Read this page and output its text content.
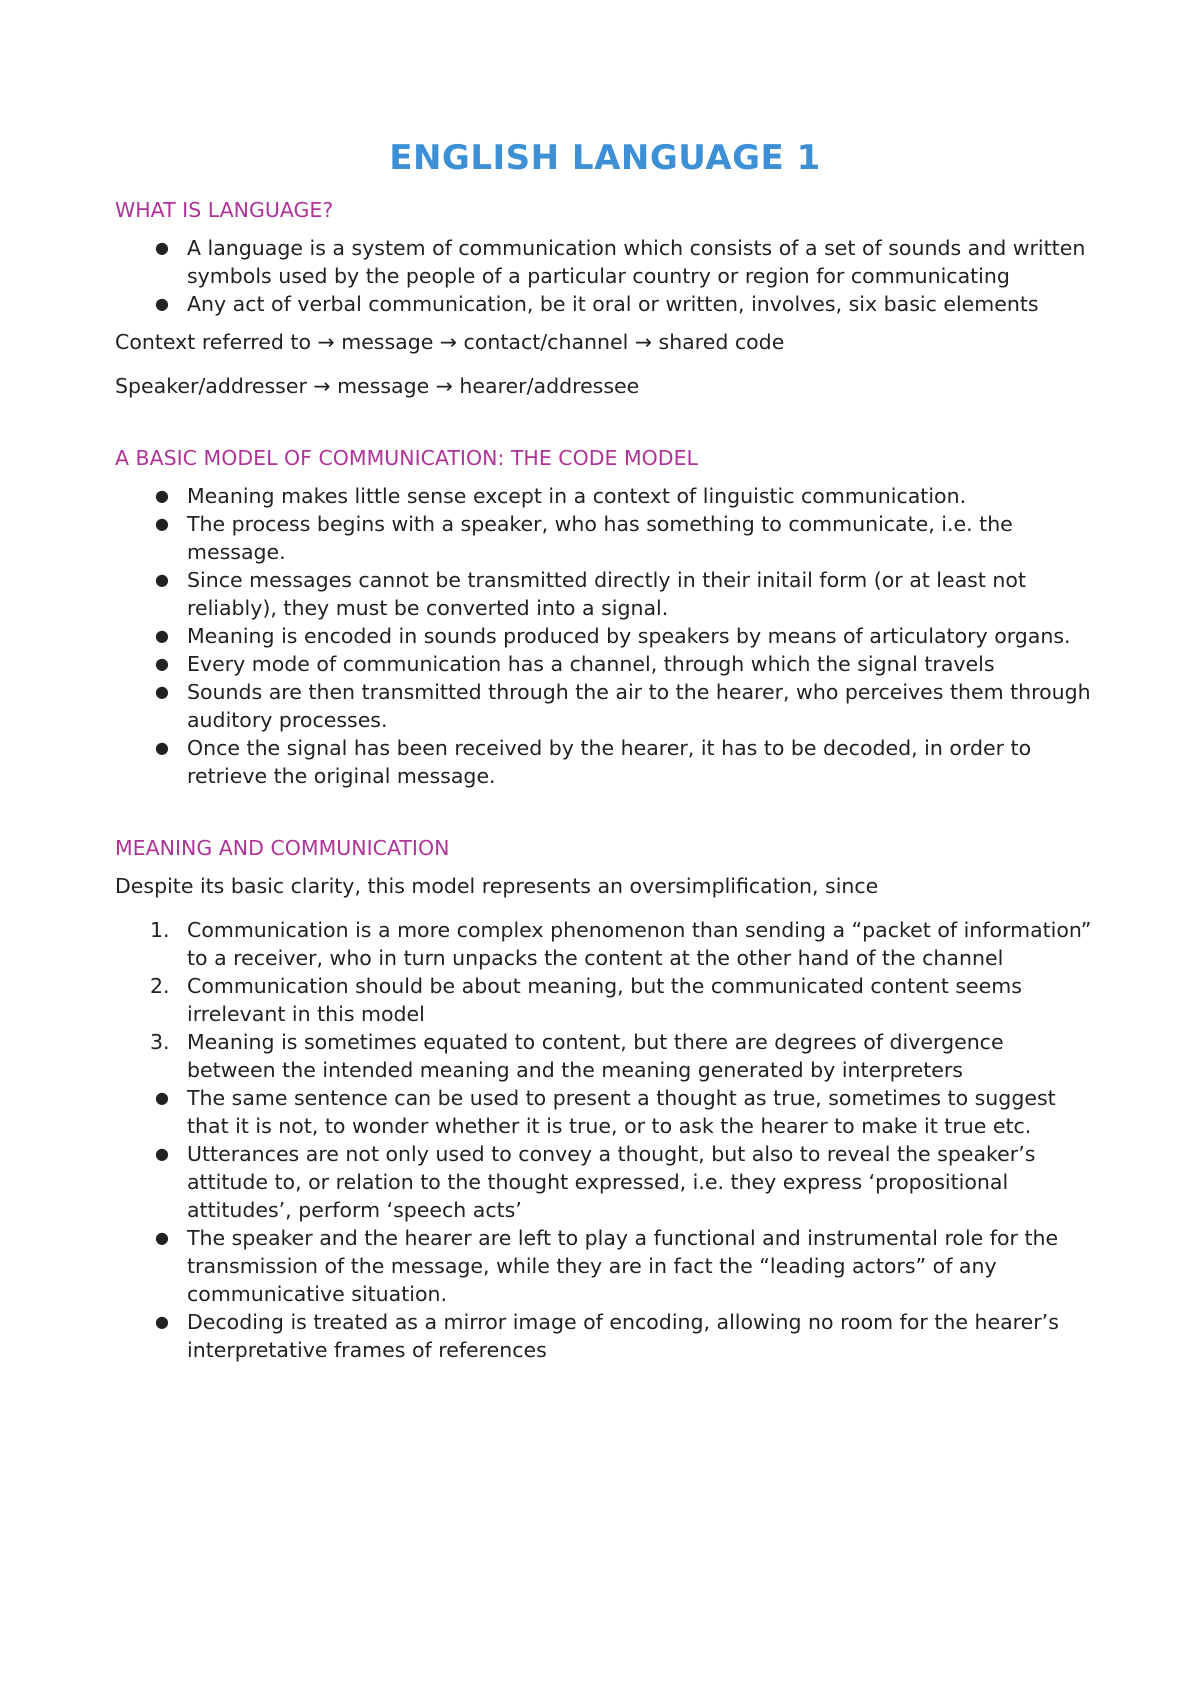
ENGLISH LANGUAGE 1
WHAT IS LANGUAGE?
● A language is a system of communication which consists of a set of sounds and written symbols used by the people of a particular country or region for communicating
● Any act of verbal communication, be it oral or written, involves, six basic elements

Context referred to → message → contact/channel → shared code

Speaker/addresser → message → hearer/addressee

A BASIC MODEL OF COMMUNICATION: THE CODE MODEL
● Meaning makes little sense except in a context of linguistic communication.
● The process begins with a speaker, who has something to communicate, i.e. the message.
● Since messages cannot be transmitted directly in their initail form (or at least not reliably), they must be converted into a signal.
● Meaning is encoded in sounds produced by speakers by means of articulatory organs.
● Every mode of communication has a channel, through which the signal travels
● Sounds are then transmitted through the air to the hearer, who perceives them through auditory processes.
● Once the signal has been received by the hearer, it has to be decoded, in order to retrieve the original message.
MEANING AND COMMUNICATION

Despite its basic clarity, this model represents an oversimplification, since

1. Communication is a more complex phenomenon than sending a “packet of information” to a receiver, who in turn unpacks the content at the other hand of the channel
2. Communication should be about meaning, but the communicated content seems irrelevant in this model
3. Meaning is sometimes equated to content, but there are degrees of divergence between the intended meaning and the meaning generated by interpreters
● The same sentence can be used to present a thought as true, sometimes to suggest that it is not, to wonder whether it is true, or to ask the hearer to make it true etc.
● Utterances are not only used to convey a thought, but also to reveal the speaker’s attitude to, or relation to the thought expressed, i.e. they express ‘propositional attitudes’, perform ‘speech acts’
● The speaker and the hearer are left to play a functional and instrumental role for the transmission of the message, while they are in fact the “leading actors” of any communicative situation.
● Decoding is treated as a mirror image of encoding, allowing no room for the hearer’s interpretative frames of references
